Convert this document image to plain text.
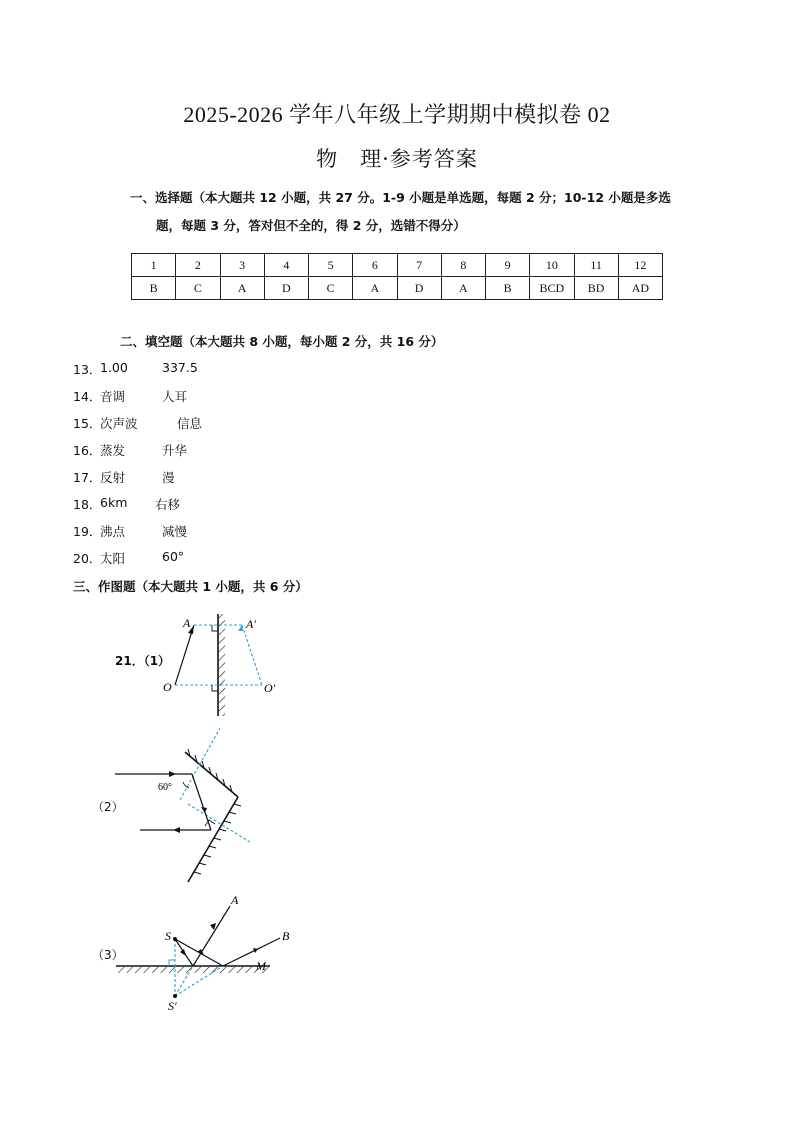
2025-2026 学年八年级上学期期中模拟卷 02
物　理·参考答案
一、选择题（本大题共 12 小题，共 27 分。1-9 小题是单选题，每题 2 分；10-12 小题是多选
题，每题 3 分，答对但不全的，得 2 分，选错不得分）
1	2	3	4	5	6	7	8	9	10	11	12
B	C	A	D	C	A	D	A	B	BCD	BD	AD
二、填空题（本大题共 8 小题，每小题 2 分，共 16 分）
13．
1.00	337.5
14．
音调	人耳
15．
次声波	信息
16．
蒸发	升华
17．
反射	漫
18．
6km 右移
19．
沸点	减慢
20．
太阳	60°
三、作图题（本大题共 1 小题，共 6 分）
21．（1）
（2）
（3）
A	A′
O	O′
60°
S
S′
A
B
M
